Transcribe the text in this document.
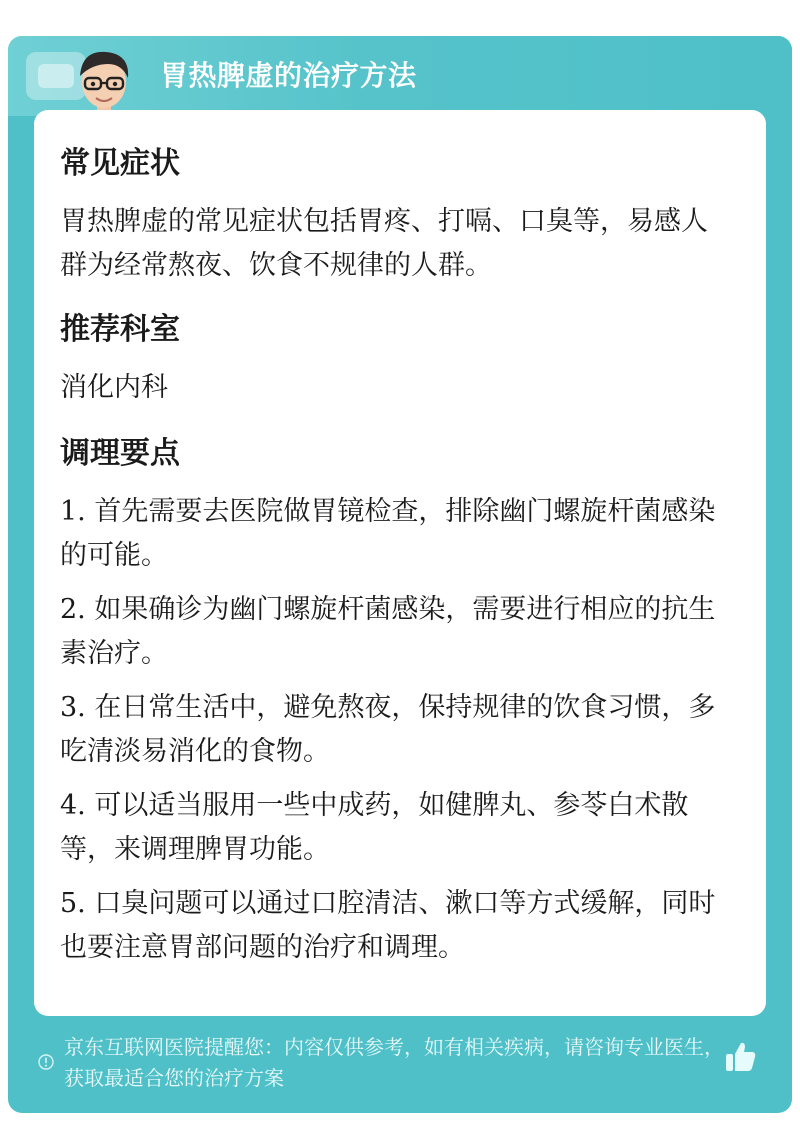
胃热脾虚的治疗方法
常见症状
胃热脾虚的常见症状包括胃疼、打嗝、口臭等，易感人群为经常熬夜、饮食不规律的人群。
推荐科室
消化内科
调理要点
1. 首先需要去医院做胃镜检查，排除幽门螺旋杆菌感染的可能。
2. 如果确诊为幽门螺旋杆菌感染，需要进行相应的抗生素治疗。
3. 在日常生活中，避免熬夜，保持规律的饮食习惯，多吃清淡易消化的食物。
4. 可以适当服用一些中成药，如健脾丸、参苓白术散等，来调理脾胃功能。
5. 口臭问题可以通过口腔清洁、漱口等方式缓解，同时也要注意胃部问题的治疗和调理。
京东互联网医院提醒您：内容仅供参考，如有相关疾病，请咨询专业医生，获取最适合您的治疗方案
